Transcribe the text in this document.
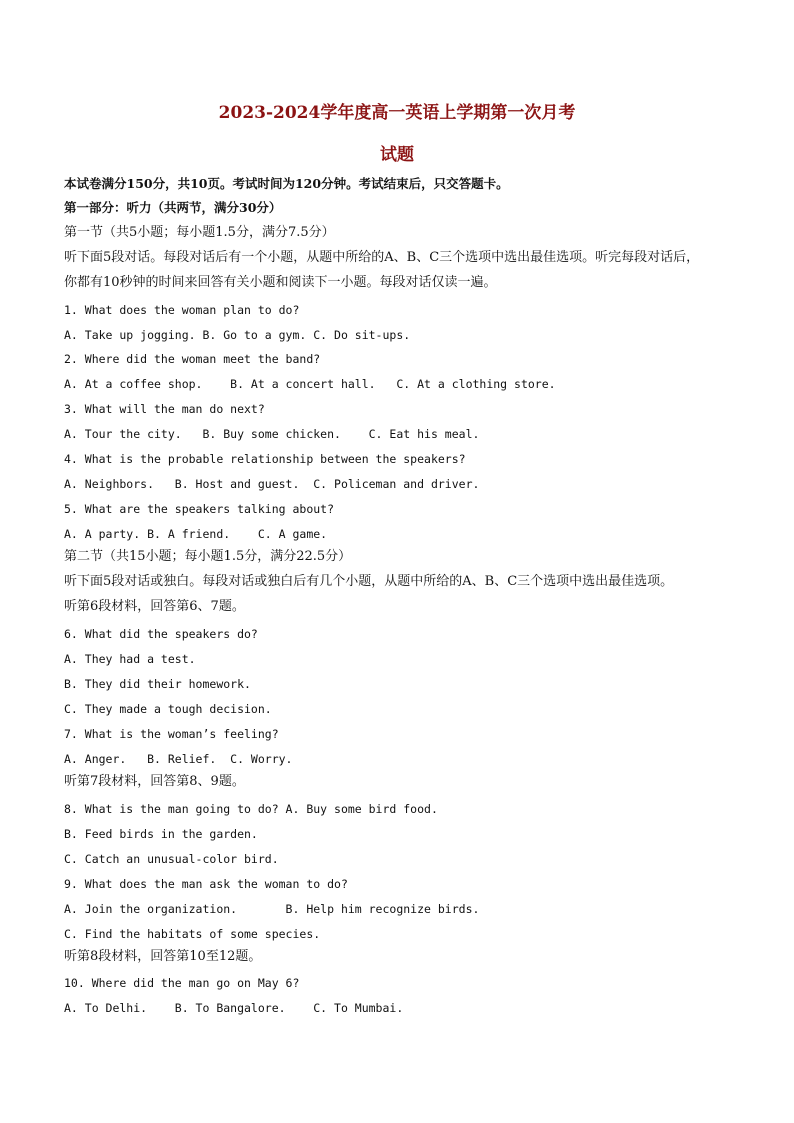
2023-2024学年度高一英语上学期第一次月考
试题
本试卷满分150分，共10页。考试时间为120分钟。考试结束后，只交答题卡。
第一部分：听力（共两节，满分30分）
第一节（共5小题；每小题1.5分，满分7.5分）
听下面5段对话。每段对话后有一个小题，从题中所给的A、B、C三个选项中选出最佳选项。听完每段对话后，
你都有10秒钟的时间来回答有关小题和阅读下一小题。每段对话仅读一遍。
1. What does the woman plan to do?
A. Take up jogging. B. Go to a gym. C. Do sit-ups.
2. Where did the woman meet the band?
A. At a coffee shop.    B. At a concert hall.   C. At a clothing store.
3. What will the man do next?
A. Tour the city.   B. Buy some chicken.    C. Eat his meal.
4. What is the probable relationship between the speakers?
A. Neighbors.   B. Host and guest.  C. Policeman and driver.
5. What are the speakers talking about?
A. A party. B. A friend.    C. A game.
第二节（共15小题；每小题1.5分，满分22.5分）
听下面5段对话或独白。每段对话或独白后有几个小题，从题中所给的A、B、C三个选项中选出最佳选项。
听第6段材料，回答第6、7题。
6. What did the speakers do?
A. They had a test.
B. They did their homework.
C. They made a tough decision.
7. What is the woman’s feeling?
A. Anger.   B. Relief.  C. Worry.
听第7段材料，回答第8、9题。
8. What is the man going to do? A. Buy some bird food.
B. Feed birds in the garden.
C. Catch an unusual-color bird.
9. What does the man ask the woman to do?
A. Join the organization.       B. Help him recognize birds.
C. Find the habitats of some species.
听第8段材料，回答第10至12题。
10. Where did the man go on May 6?
A. To Delhi.    B. To Bangalore.    C. To Mumbai.
